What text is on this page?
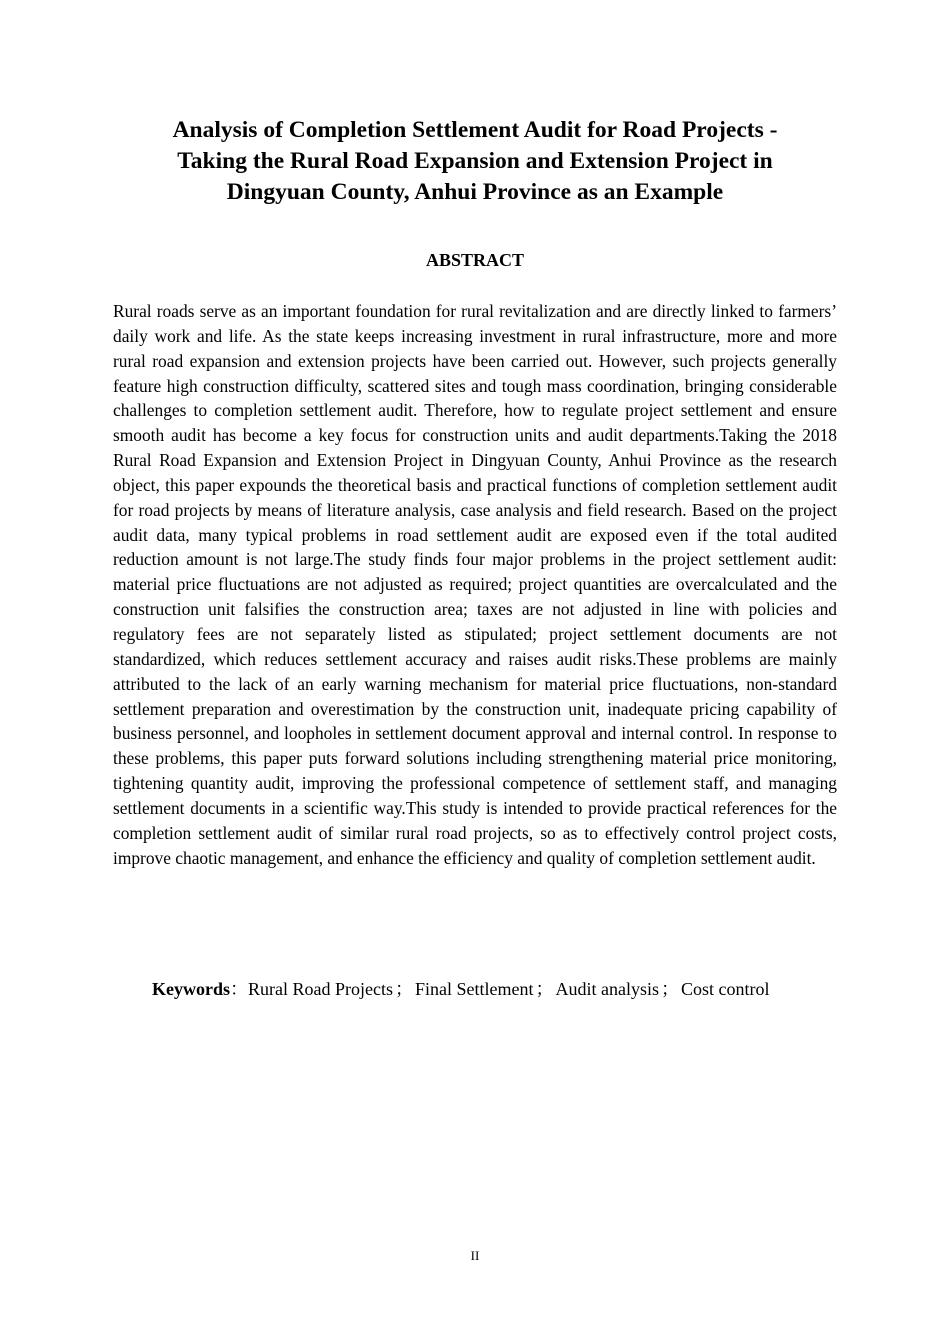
Analysis of Completion Settlement Audit for Road Projects -
Taking the Rural Road Expansion and Extension Project in
Dingyuan County, Anhui Province as an Example
ABSTRACT

Rural roads serve as an important foundation for rural revitalization and are directly linked to farmers’ daily work and life. As the state keeps increasing investment in rural infrastructure, more and more rural road expansion and extension projects have been carried out. However, such projects generally feature high construction difficulty, scattered sites and tough mass coordination, bringing considerable challenges to completion settlement audit. Therefore, how to regulate project settlement and ensure smooth audit has become a key focus for construction units and audit departments.Taking the 2018 Rural Road Expansion and Extension Project in Dingyuan County, Anhui Province as the research object, this paper expounds the theoretical basis and practical functions of completion settlement audit for road projects by means of literature analysis, case analysis and field research. Based on the project audit data, many typical problems in road settlement audit are exposed even if the total audited reduction amount is not large.The study finds four major problems in the project settlement audit: material price fluctuations are not adjusted as required; project quantities are overcalculated and the construction unit falsifies the construction area; taxes are not adjusted in line with policies and regulatory fees are not separately listed as stipulated; project settlement documents are not standardized, which reduces settlement accuracy and raises audit risks.These problems are mainly attributed to the lack of an early warning mechanism for material price fluctuations, non-standard settlement preparation and overestimation by the construction unit, inadequate pricing capability of business personnel, and loopholes in settlement document approval and internal control. In response to these problems, this paper puts forward solutions including strengthening material price monitoring, tightening quantity audit, improving the professional competence of settlement staff, and managing settlement documents in a scientific way.This study is intended to provide practical references for the completion settlement audit of similar rural road projects, so as to effectively control project costs, improve chaotic management, and enhance the efficiency and quality of completion settlement audit.

Keywords：Rural Road Projects ； Final Settlement ； Audit analysis ； Cost control

II
